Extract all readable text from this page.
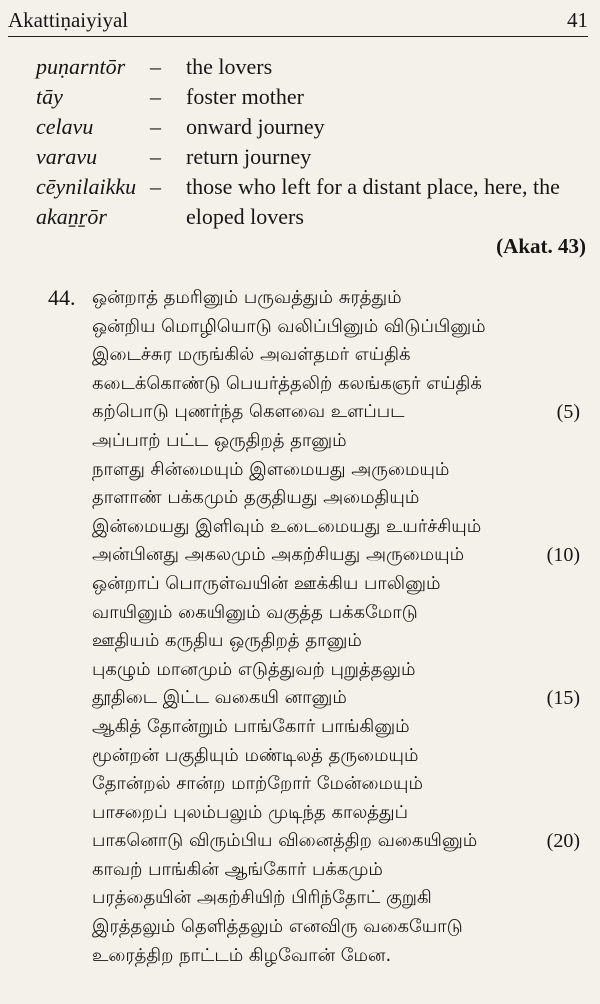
Akattiṇaiyiyal	41
puṇarntōr	–	the lovers
tāy	–	foster mother
celavu	–	onward journey
varavu	–	return journey
cēynilaikku –	those who left for a distant place, here, the
akaṉṟōr	eloped lovers
(Akat. 43)
44. ஒன்றாத் தமரினும் பருவத்தும் சுரத்தும்
ஒன்றிய மொழியொடு வலிப்பினும் விடுப்பினும்
இடைச்சுர மருங்கில் அவள்தமர் எய்திக்
கடைக்கொண்டு பெயர்த்தலிற் கலங்கஞர் எய்திக்
கற்பொடு புணர்ந்த கௌவை உளப்பட	(5)
அப்பாற் பட்ட ஒருதிறத் தானும்
நாளது சின்மையும் இளமையது அருமையும்
தாளாண் பக்கமும் தகுதியது அமைதியும்
இன்மையது இளிவும் உடைமையது உயர்ச்சியும்
அன்பினது அகலமும் அகற்சியது அருமையும்	(10)
ஒன்றாப் பொருள்வயின் ஊக்கிய பாலினும்
வாயினும் கையினும் வகுத்த பக்கமோடு
ஊதியம் கருதிய ஒருதிறத் தானும்
புகழும் மானமும் எடுத்துவற் புறுத்தலும்
தூதிடை இட்ட வகையி னானும்	(15)
ஆகித் தோன்றும் பாங்கோர் பாங்கினும்
மூன்றன் பகுதியும் மண்டிலத் தருமையும்
தோன்றல் சான்ற மாற்றோர் மேன்மையும்
பாசறைப் புலம்பலும் முடிந்த காலத்துப்
பாகனொடு விரும்பிய வினைத்திற வகையினும்	(20)
காவற் பாங்கின் ஆங்கோர் பக்கமும்
பரத்தையின் அகற்சியிற் பிரிந்தோட் குறுகி
இரத்தலும் தெளித்தலும் எனவிரு வகையோடு
உரைத்திற நாட்டம் கிழவோன் மேன.
